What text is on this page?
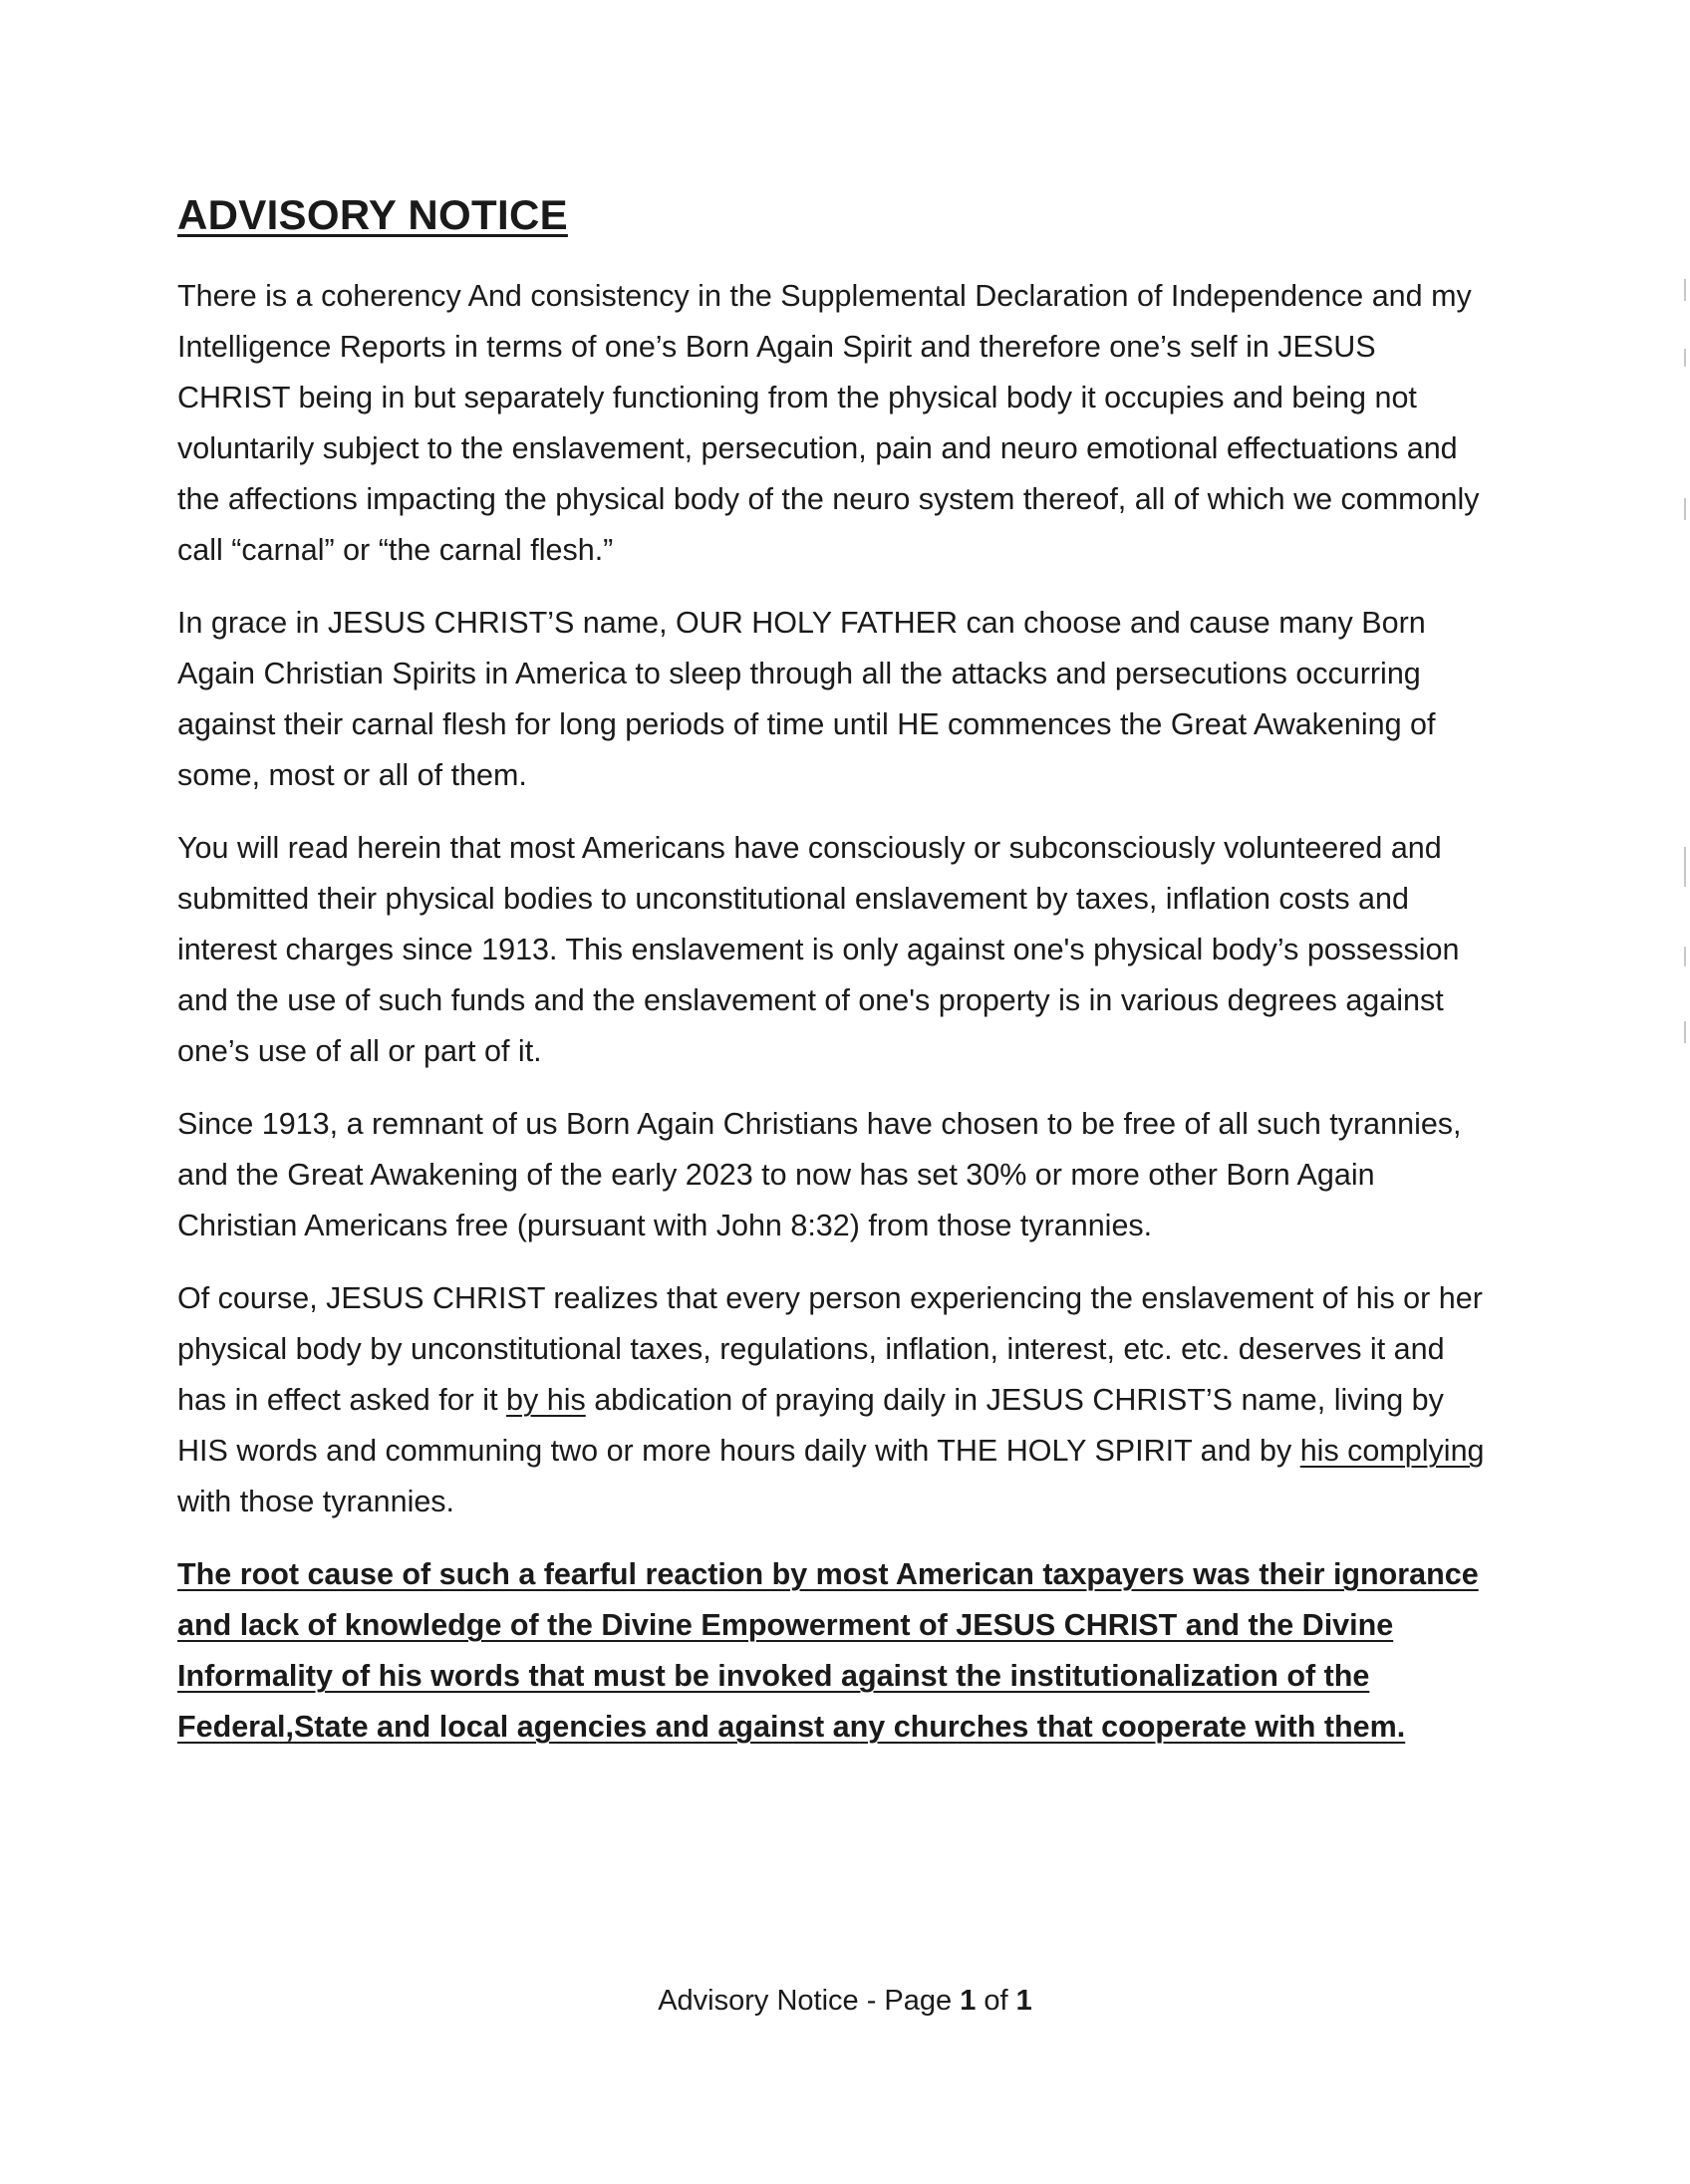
ADVISORY NOTICE

There is a coherency And consistency in the Supplemental Declaration of Independence and my Intelligence Reports in terms of one’s Born Again Spirit and therefore one’s self in JESUS CHRIST being in but separately functioning from the physical body it occupies and being not voluntarily subject to the enslavement, persecution, pain and neuro emotional effectuations and the affections impacting the physical body of the neuro system thereof, all of which we commonly call “carnal” or “the carnal flesh.”

In grace in JESUS CHRIST’S name, OUR HOLY FATHER can choose and cause many Born Again Christian Spirits in America to sleep through all the attacks and persecutions occurring against their carnal flesh for long periods of time until HE commences the Great Awakening of some, most or all of them.

You will read herein that most Americans have consciously or subconsciously volunteered and submitted their physical bodies to unconstitutional enslavement by taxes, inflation costs and interest charges since 1913. This enslavement is only against one's physical body’s possession and the use of such funds and the enslavement of one's property is in various degrees against one’s use of all or part of it.

Since 1913, a remnant of us Born Again Christians have chosen to be free of all such tyrannies, and the Great Awakening of the early 2023 to now has set 30% or more other Born Again Christian Americans free (pursuant with John 8:32) from those tyrannies.

Of course, JESUS CHRIST realizes that every person experiencing the enslavement of his or her physical body by unconstitutional taxes, regulations, inflation, interest, etc. etc. deserves it and has in effect asked for it by his abdication of praying daily in JESUS CHRIST’S name, living by HIS words and communing two or more hours daily with THE HOLY SPIRIT and by his complying with those tyrannies.

The root cause of such a fearful reaction by most American taxpayers was their ignorance and lack of knowledge of the Divine Empowerment of JESUS CHRIST and the Divine Informality of his words that must be invoked against the institutionalization of the Federal,State and local agencies and against any churches that cooperate with them.

Advisory Notice - Page 1 of 1
